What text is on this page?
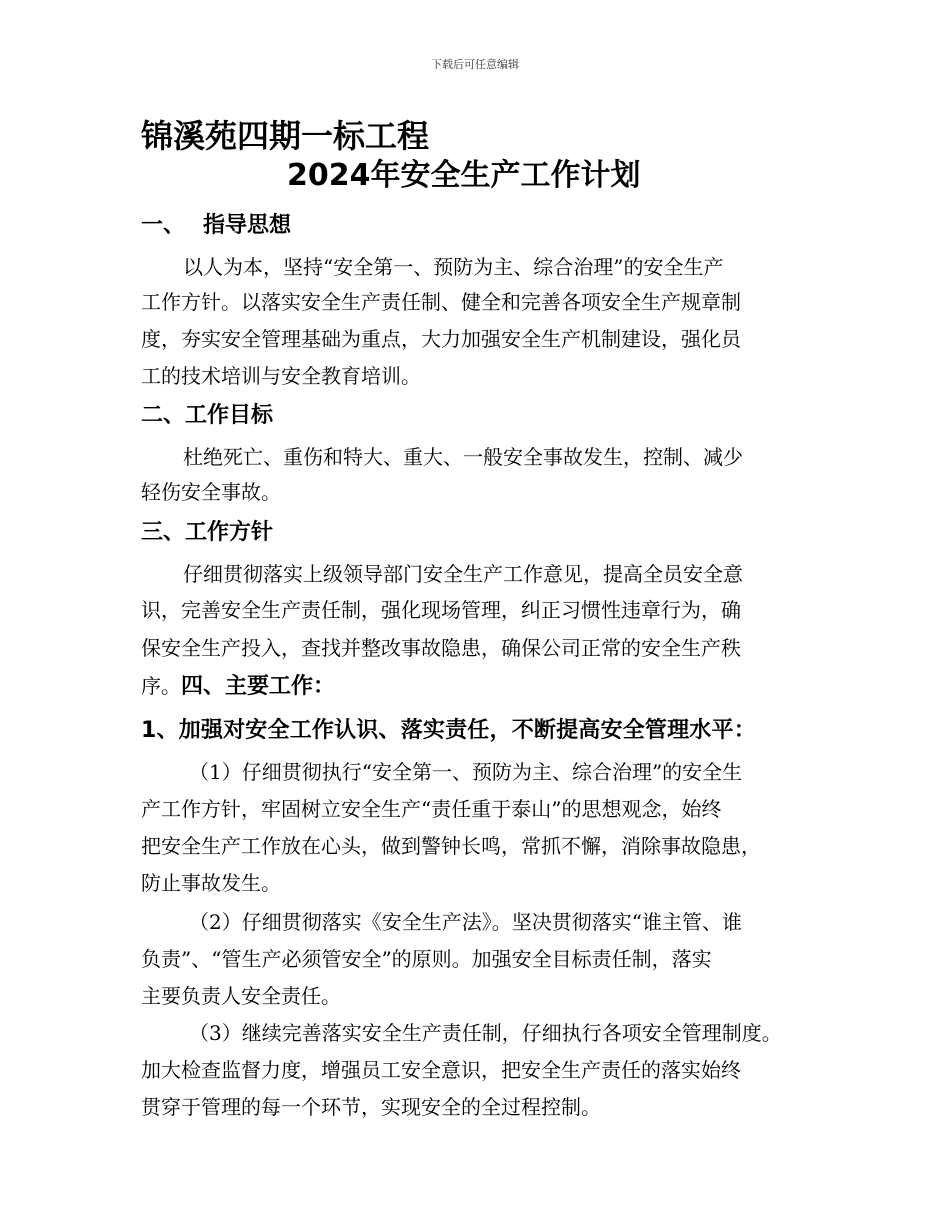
下载后可任意编辑
锦溪苑四期一标工程
2024年安全生产工作计划
一、 指导思想
以人为本，坚持“安全第一、预防为主、综合治理”的安全生产
工作方针。以落实安全生产责任制、健全和完善各项安全生产规章制
度，夯实安全管理基础为重点，大力加强安全生产机制建设，强化员
工的技术培训与安全教育培训。
二、工作目标
杜绝死亡、重伤和特大、重大、一般安全事故发生，控制、减少
轻伤安全事故。
三、工作方针
仔细贯彻落实上级领导部门安全生产工作意见，提高全员安全意
识，完善安全生产责任制，强化现场管理，纠正习惯性违章行为，确
保安全生产投入，查找并整改事故隐患，确保公司正常的安全生产秩
序。四、主要工作：
1、加强对安全工作认识、落实责任，不断提高安全管理水平：
（1）仔细贯彻执行“安全第一、预防为主、综合治理”的安全生
产工作方针，牢固树立安全生产“责任重于泰山”的思想观念，始终
把安全生产工作放在心头，做到警钟长鸣，常抓不懈，消除事故隐患，
防止事故发生。
（2）仔细贯彻落实《安全生产法》。坚决贯彻落实“谁主管、谁
负责”、“管生产必须管安全”的原则。加强安全目标责任制，落实
主要负责人安全责任。
（3）继续完善落实安全生产责任制，仔细执行各项安全管理制度。
加大检查监督力度，增强员工安全意识，把安全生产责任的落实始终
贯穿于管理的每一个环节，实现安全的全过程控制。
